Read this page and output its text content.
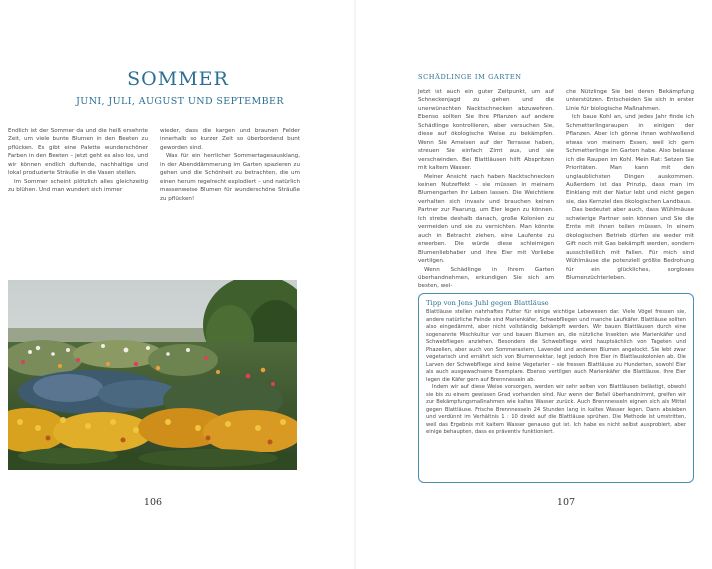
SOMMER
JUNI, JULI, AUGUST UND SEPTEMBER

Endlich ist der Sommer da und die heiß ersehnte Zeit, um viele bunte Blumen in den Beeten zu pflücken. Es gibt eine Palette wunderschöner Farben in den Beeten – jetzt geht es also los, und wir können endlich duftende, nachhaltige und lokal produzierte Sträuße in die Vasen stellen.

Im Sommer scheint plötzlich alles gleichzeitig zu blühen. Und man wundert sich immer

wieder, dass die kargen und braunen Felder innerhalb so kurzer Zeit so überbordend bunt geworden sind.

Was für ein herrlicher Sommertagesausklang, in der Abenddämmerung im Garten spazieren zu gehen und die Schönheit zu betrachten, die um einen herum regelrecht explodiert – und natürlich massenweise Blumen für wunderschöne Sträuße zu pflücken!

106	107
SCHÄDLINGE IM GARTEN

Jetzt ist auch ein guter Zeitpunkt, um auf Schneckenjagd zu gehen und die unerwünschten Nacktschnecken abzuwehren. Ebenso sollten Sie Ihre Pflanzen auf andere Schädlinge kontrollieren, aber versuchen Sie, diese auf ökologische Weise zu bekämpfen. Wenn Sie Ameisen auf der Terrasse haben, streuen Sie einfach Zimt aus, und sie verschwinden. Bei Blattläusen hilft Abspritzen mit kaltem Wasser.

Meiner Ansicht nach haben Nacktschnecken keinen Nutzeffekt – sie müssen in meinem Blumengarten ihr Leben lassen. Die Weichtiere verhalten sich invasiv und brauchen keinen Partner zur Paarung, um Eier legen zu können. Ich strebe deshalb danach, große Kolonien zu vermeiden und sie zu vernichten. Man könnte auch in Betracht ziehen, eine Laufente zu erwerben. Die würde diese schleimigen Blumenliebhaber und ihre Eier mit Vorliebe vertilgen.

Wenn Schädlinge in Ihrem Garten überhandnehmen, erkundigen Sie sich am besten, wel-

che Nützlinge Sie bei deren Bekämpfung unterstützen. Entscheiden Sie sich in erster Linie für biologische Maßnahmen.

Ich baue Kohl an, und jedes Jahr finde ich Schmetterlingsraupen in einigen der Pflanzen. Aber ich gönne ihnen wohlwollend etwas von meinem Essen, weil ich gern Schmetterlinge im Garten habe. Also belasse ich die Raupen im Kohl. Mein Rat: Setzen Sie Prioritäten. Man kann mit den unglaublichsten Dingen auskommen. Außerdem ist das Prinzip, dass man im Einklang mit der Natur lebt und nicht gegen sie, das Kernziel des ökologischen Landbaus.

Das bedeutet aber auch, dass Wühlmäuse schwierige Partner sein können und Sie die Ernte mit ihnen teilen müssen. In einem ökologischen Betrieb dürfen sie weder mit Gift noch mit Gas bekämpft werden, sondern ausschließlich mit Fallen. Für mich sind Wühlmäuse die potenziell größte Bedrohung für ein glückliches, sorgloses Blumenzüchterleben.

Tipp von Jens Juhl gegen Blattläuse

Blattläuse stellen nahrhaftes Futter für einige wichtige Lebewesen dar. Viele Vögel fressen sie, andere natürliche Feinde sind Marienkäfer, Schwebfliegen und manche Laufkäfer. Blattläuse sollten also eingedämmt, aber nicht vollständig bekämpft werden. Wir bauen Blattläusen durch eine sogenannte Mischkultur vor und bauen Blumen an, die nützliche Insekten wie Marienkäfer und Schwebfliegen anziehen. Besonders die Schwebfliege wird hauptsächlich von Tageten und Phazelien, aber auch von Sommerastern, Lavendel und anderen Blumen angelockt. Sie lebt zwar vegetarisch und ernährt sich von Blumennektar, legt jedoch ihre Eier in Blattlauskolonien ab. Die Larven der Schwebfliege sind keine Vegetarier – sie fressen Blattläuse zu Hunderten, sowohl Eier als auch ausgewachsene Exemplare. Ebenso vertilgen auch Marienkäfer die Blattläuse. Ihre Eier legen die Käfer gern auf Brennnesseln ab.

Indem wir auf diese Weise vorsorgen, werden wir sehr selten von Blattläusen belästigt, obwohl sie bis zu einem gewissen Grad vorhanden sind. Nur wenn der Befall überhandnimmt, greifen wir zur Bekämpfungsmaßnahmen wie kaltes Wasser zurück. Auch Brennnesseln eignen sich als Mittel gegen Blattläuse. Frische Brennnesseln 24 Stunden lang in kaltes Wasser legen. Dann absieben und verdünnt im Verhältnis 1 : 10 direkt auf die Blattläuse sprühen. Die Methode ist umstritten, weil das Ergebnis mit kaltem Wasser genauso gut ist. Ich habe es nicht selbst ausprobiert, aber einige behaupten, dass es präventiv funktioniert.
